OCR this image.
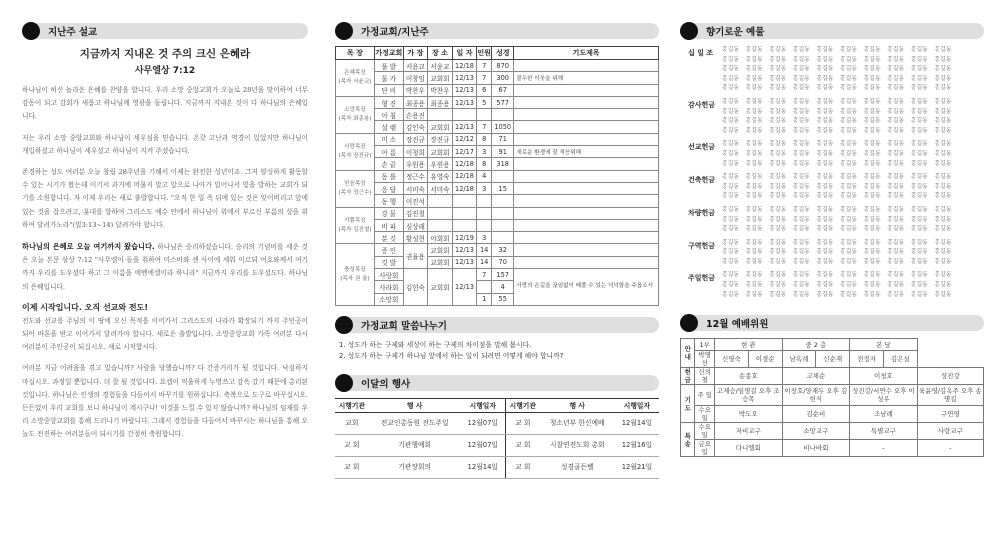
지난주 설교
지금까지 지내온 것 주의 크신 은혜라
사무엘상 7:12

하나님이 허신 놀라운 은혜를 찬양을 합니다. 우리 소망 중앙교회가 오늘로 28년을 맞이하여 너무 감동이 되고 감회가 새롭고 하나님께 영광을 돌립니다. 지금까지 지내온 것이 다 하나님의 은혜입니다.

저는 우리 소망 중앙교회와 하나님이 세우심을 믿습니다. 온갖 고난과 역경이 있었지만 하나님이 개입하셨고 하나님이 세우셨고 하나님이 지켜 주셨습니다.

존경하는 성도 여러분 오늘 창립 28주년을 기해서 이제는 완전한 성년이죠. 그저 양성하게 활동할 수 있는 시기가 왔는데 이기서 과거에 머물지 말고 앞으로 나아가 일어나서 빛을 발하는 교회가 되기를 소원합니다. 자 이제 우리는 새로 출발합니다. "오직 한 일 즉 뒤에 있는 것은 잊어버리고 앞에 있는 것을 잡으려고, 푯대를 향하여 그리스도 예수 안에서 하나님이 위에서 부르신 부름의 상을 위하여 달려가노라"(빌3:13~14) 달려가야 합니다.

하나님의 은혜로 오늘 여기까지 왔습니다. 하나님은 승리하셨습니다. 승리의 기념비를 세운 것은 오늘 본문 삼상 7:12 "사무엘이 돌을 취하여 미스바와 센 사이에 세워 이르되 여호와께서 여기까지 우리를 도우셨다 하고 그 이름을 에벤에셀이라 하니라" 지금까지 우리를 도우셨도다. 하나님의 은혜입니다.

이제 시작입니다. 오직 선교와 전도!

전도와 선교를 주님의 이 땅에 오신 목적을 이어가서 그리스도의 나라가 확장되기 까지 주인공이 되어 바톤을 받고 이어가서 달려가야 합니다. 새로운 출발입니다. 소망중앙교회 가족 여러분 다시 여러분이 주인공이 되십시오. 새로 시작합시다.

여러분 지금 어려움을 겪고 있습니까? 사람을 당했습니까? 다 간증거리가 될 것입니다. 낙심하지 마십시오. 과정일 뿐입니다. 더 잘 될 것입니다. 요셉이 억울하게 누명쓰고 감옥 갔기 때문에 총리된 것입니다. 하나님은 인생의 경험들을 다듬어서 바꾸기를 원하십니다. 축복으로 도구로 바꾸십시오. 든든었이 우리 교회를 보니 하나님이 계시구나! 이것을 느낄 수 있지 않습니까? 하나님의 임재를 우리 소망중앙교회를 통해 드러나기 바랍니다. 그래서 경험들을 다듬어서 바꾸시는 하나님을 통해 오늘도 전진하는 여러분들이 되시기를 간절히 축원합니다.

가정교회/지난주
목 장	가정교회	가 장	장 소	일 자	인원	성경	기도제목

은혜목장
(목자 서윤교)	풀 밭	서윤교	서윤교	12/18	7	870	
	물 가	이창임	교회회	12/13	7	300	불우한 이웃을 위해
	단 비	박찬우	박찬우	12/13	6	67	

소망목장
(목자 최종용)	형 진	최종용	최종용	12/13	5	577	
	아 침	손용진					
	설 렘	김인숙	교회회	12/13	7	1050	

사랑목장
(목자 장진규)	미 소	장진규	장진규	12/12	8	71	
	아 름	이청희	교회회	12/17	3	91	새로운 환경에 잘 적응위해
	손 끝	우원용	우원용	12/18	8	318	

믿음목장
(목자 정근수)	동 틀	정근수	유영숙	12/18	4		
	응 답	서미숙	서미숙	12/18	3	15	
	동 행	이진석					

기쁨목장
(목자 김진철)	강 물	김진철					
	비 파	심상래					
	분 깃	황성현	야회회	12/19	3		

충성목장
(목자 권 율)	증 인	권율용	교회회	12/13	14	32	
	깃 발		교회회	12/13	14	70	
	사랑회	김헌숙	교회회	12/13	7	157	사랑의 손길을 끊임없이 베풀 수 있는 넉넉함을 주옵소서
	사라회					4	
	소망회				1	55	
가정교회 말씀나누기
1. 성도가 하는 구제와 세상이 하는 구제의 차이점을 말해 봅시다.
2. 성도가 하는 구제가 하나님 앞에서 하는 일이 되려면 어떻게 해야 합니까?
이달의 행사
시행기관	행 사	시행일자	시행기관	행 사	시행일자
교회	전교인총동원 전도주일	12월07일	교 회	청소년부 한신예배	12월14일
교 회	기관행예회	12월07일	교 회	시찰연전도회 총회	12월16일
교 회	기관장회의	12월14일	교 회	성경골든벨	12월21일
향기로운 예물
십 일 조	홍길동 홍길동 홍길동 홍길동 홍길동 홍길동 홍길동 홍길동 홍길동 홍길동
홍길동 홍길동 홍길동 홍길동 홍길동 홍길동 홍길동 홍길동 홍길동 홍길동
홍길동 홍길동 홍길동 홍길동 홍길동 홍길동 홍길동 홍길동 홍길동 홍길동
홍길동 홍길동 홍길동 홍길동 홍길동 홍길동 홍길동 홍길동 홍길동 홍길동
홍길동 홍길동 홍길동 홍길동 홍길동 홍길동 홍길동 홍길동 홍길동 홍길동
감사헌금	홍길동 홍길동 홍길동 홍길동 홍길동 홍길동 홍길동 홍길동 홍길동 홍길동
홍길동 홍길동 홍길동 홍길동 홍길동 홍길동 홍길동 홍길동 홍길동 홍길동
홍길동 홍길동 홍길동 홍길동 홍길동 홍길동 홍길동 홍길동 홍길동 홍길동
홍길동 홍길동 홍길동 홍길동 홍길동 홍길동 홍길동 홍길동 홍길동 홍길동
선교헌금	홍길동 홍길동 홍길동 홍길동 홍길동 홍길동 홍길동 홍길동 홍길동 홍길동
홍길동 홍길동 홍길동 홍길동 홍길동 홍길동 홍길동 홍길동 홍길동 홍길동
홍길동 홍길동 홍길동 홍길동 홍길동 홍길동 홍길동 홍길동 홍길동 홍길동
건축헌금	홍길동 홍길동 홍길동 홍길동 홍길동 홍길동 홍길동 홍길동 홍길동 홍길동
홍길동 홍길동 홍길동 홍길동 홍길동 홍길동 홍길동 홍길동 홍길동 홍길동
홍길동 홍길동 홍길동 홍길동 홍길동 홍길동 홍길동 홍길동 홍길동 홍길동
차량헌금	홍길동 홍길동 홍길동 홍길동 홍길동 홍길동 홍길동 홍길동 홍길동 홍길동
홍길동 홍길동 홍길동 홍길동 홍길동 홍길동 홍길동 홍길동 홍길동 홍길동
홍길동 홍길동 홍길동 홍길동 홍길동 홍길동 홍길동 홍길동 홍길동 홍길동
구역헌금	홍길동 홍길동 홍길동 홍길동 홍길동 홍길동 홍길동 홍길동 홍길동 홍길동
홍길동 홍길동 홍길동 홍길동 홍길동 홍길동 홍길동 홍길동 홍길동 홍길동
홍길동 홍길동 홍길동 홍길동 홍길동 홍길동 홍길동 홍길동 홍길동 홍길동
주일헌금	홍길동 홍길동 홍길동 홍길동 홍길동 홍길동 홍길동 홍길동 홍길동 홍길동
홍길동 홍길동 홍길동 홍길동 홍길동 홍길동 홍길동 홍길동 홍길동 홍길동
홍길동 홍길동 홍길동 홍길동 홍길동 홍길동 홍길동 홍길동 홍길동 홍길동
12월 예배위원
안내	1부	현 관		중 2 층		본 당		
	박명선	신영숙	이경순	남옥례	신순재	전정자	김은실	
헌금	신의철	송종호		고채순		이청호		성진강
기도	주 일	고제승/임명길 오후 조승목		이창호/양재두 오후 김헌식		성진강/서연수 오후 이성우		육윤영/김옥주 오후 송명길
	수요일	박도오		김순비		조남례		구연영
특송	수요일	저비교구		소망교구		특별교구		사랑교구
	금요일	다니엘회		비나바회		-		-
